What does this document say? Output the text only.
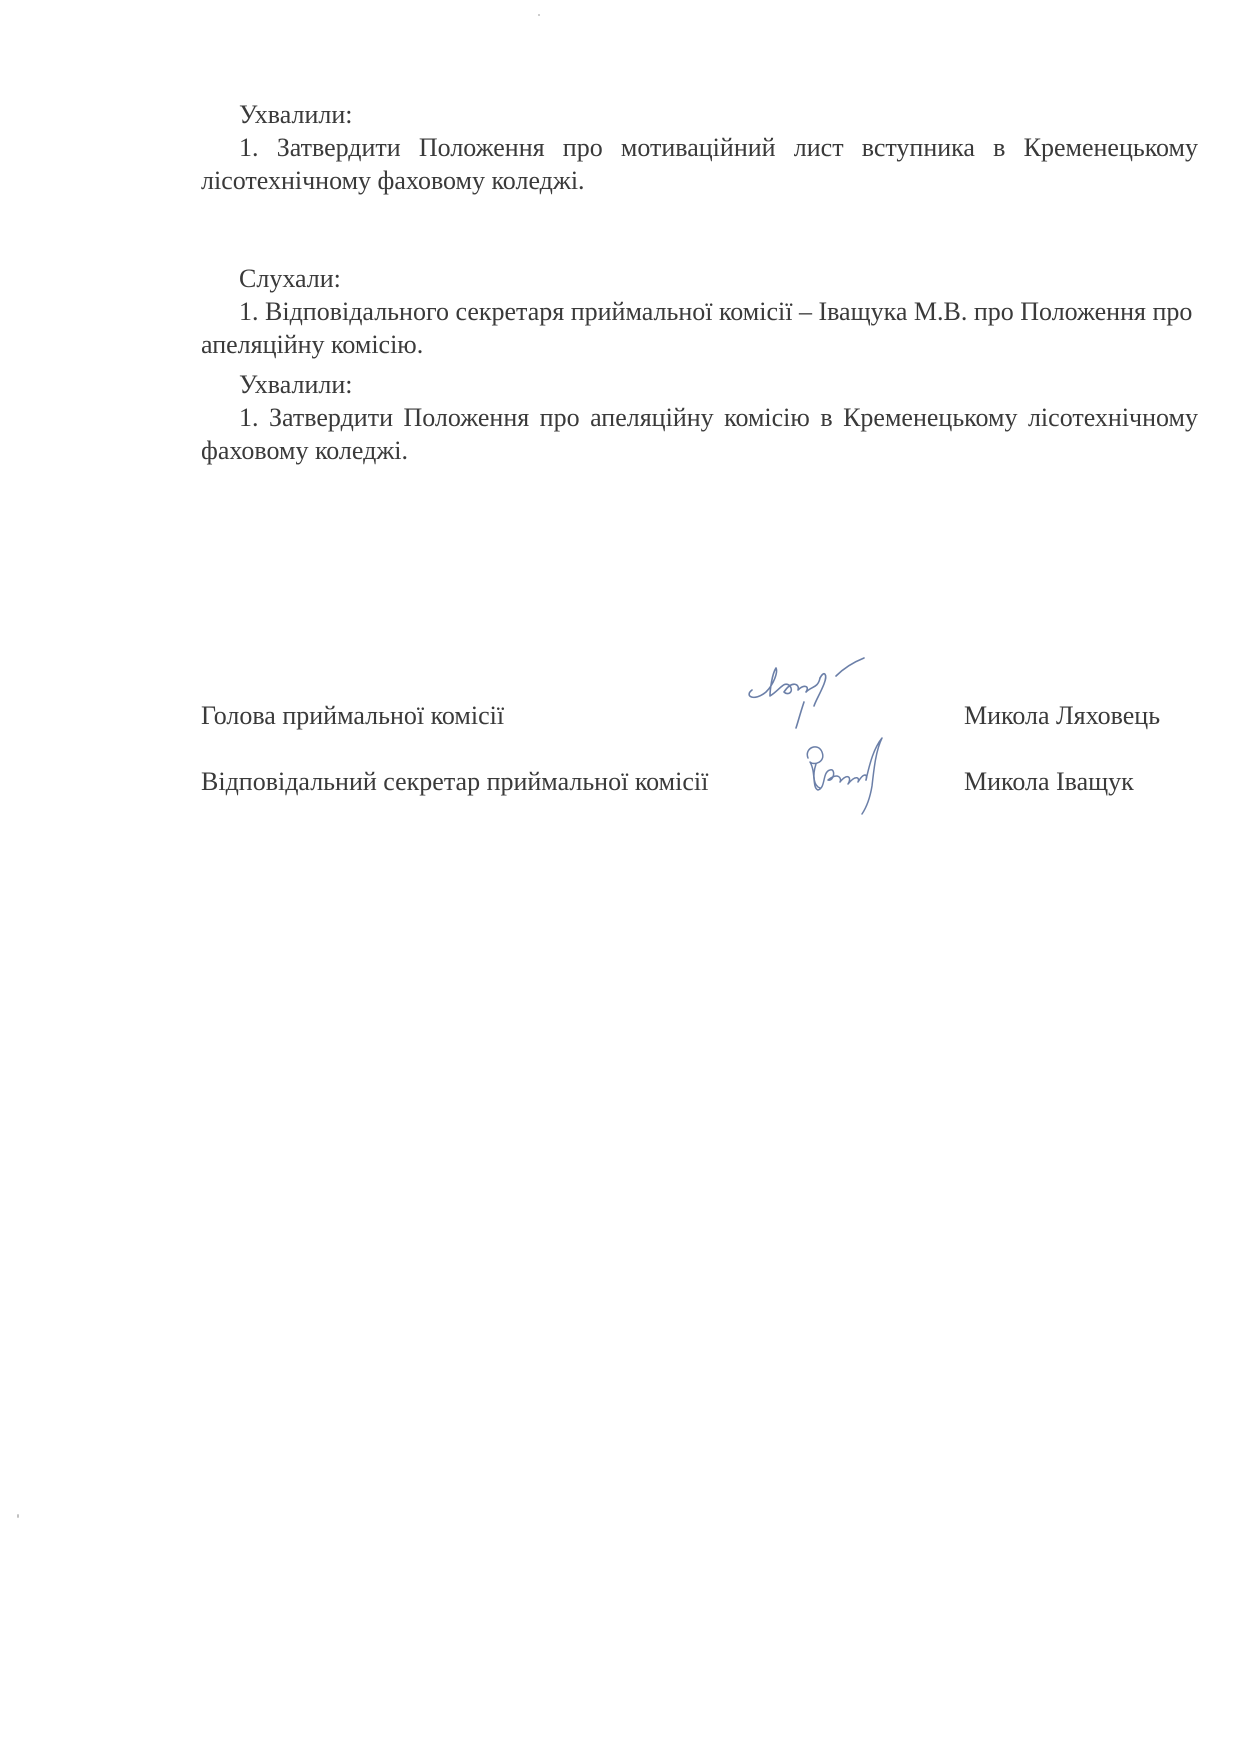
Ухвалили:

1. Затвердити Положення про мотиваційний лист вступника в Кременецькому лісотехнічному фаховому коледжі.

Слухали:

1. Відповідального секретаря приймальної комісії – Іващука М.В. про Положення про апеляційну комісію.

Ухвалили:

1. Затвердити Положення про апеляційну комісію в Кременецькому лісотехнічному фаховому коледжі.

Голова приймальної комісії	Микола Ляховець
Відповідальний секретар приймальної комісії	Микола Іващук
